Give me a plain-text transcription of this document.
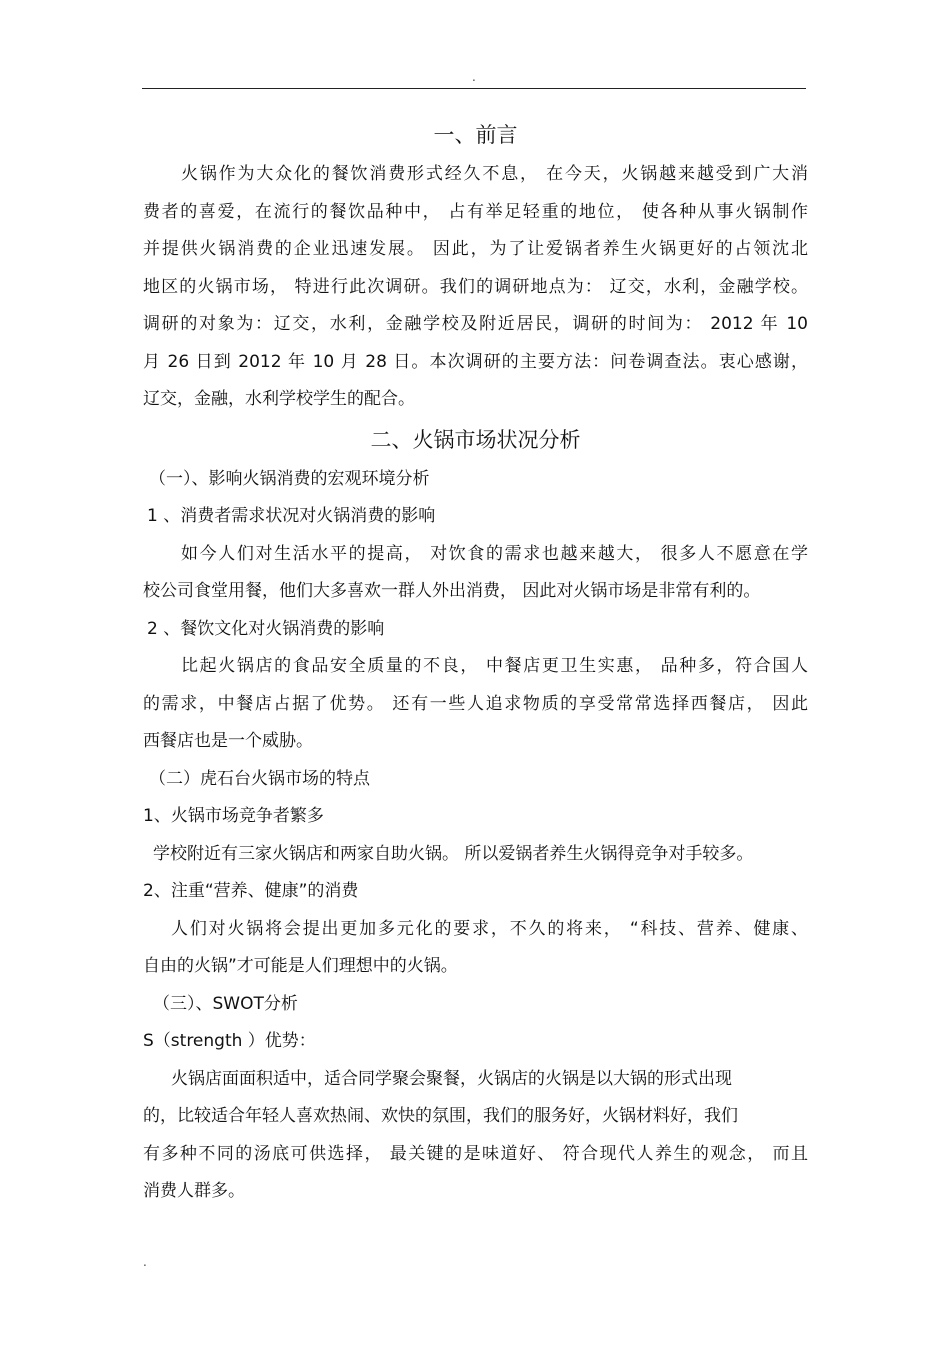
.
一、前言
火锅作为大众化的餐饮消费形式经久不息， 在今天，火锅越来越受到广大消
费者的喜爱，在流行的餐饮品种中， 占有举足轻重的地位， 使各种从事火锅制作
并提供火锅消费的企业迅速发展。 因此，为了让爱锅者养生火锅更好的占领沈北
地区的火锅市场， 特进行此次调研。我们的调研地点为： 辽交，水利，金融学校。
调研的对象为：辽交，水利，金融学校及附近居民，调研的时间为： 2012 年 10
月 26 日到 2012 年 10 月 28 日。本次调研的主要方法：问卷调查法。衷心感谢，
辽交，金融，水利学校学生的配合。
二、火锅市场状况分析
（一）、影响火锅消费的宏观环境分析
1 、消费者需求状况对火锅消费的影响
如今人们对生活水平的提高， 对饮食的需求也越来越大， 很多人不愿意在学
校公司食堂用餐，他们大多喜欢一群人外出消费， 因此对火锅市场是非常有利的。
2 、餐饮文化对火锅消费的影响
比起火锅店的食品安全质量的不良， 中餐店更卫生实惠， 品种多，符合国人
的需求，中餐店占据了优势。 还有一些人追求物质的享受常常选择西餐店， 因此
西餐店也是一个威胁。
（二）虎石台火锅市场的特点
1、火锅市场竞争者繁多
学校附近有三家火锅店和两家自助火锅。 所以爱锅者养生火锅得竞争对手较多。
2、注重“营养、健康”的消费
人们对火锅将会提出更加多元化的要求，不久的将来， “科技、营养、健康、
自由的火锅”才可能是人们理想中的火锅。
（三）、SWOT分析
S（strength ）优势：
火锅店面面积适中，适合同学聚会聚餐，火锅店的火锅是以大锅的形式出现
的，比较适合年轻人喜欢热闹、欢快的氛围，我们的服务好，火锅材料好，我们
有多种不同的汤底可供选择， 最关键的是味道好、 符合现代人养生的观念， 而且
消费人群多。
.
